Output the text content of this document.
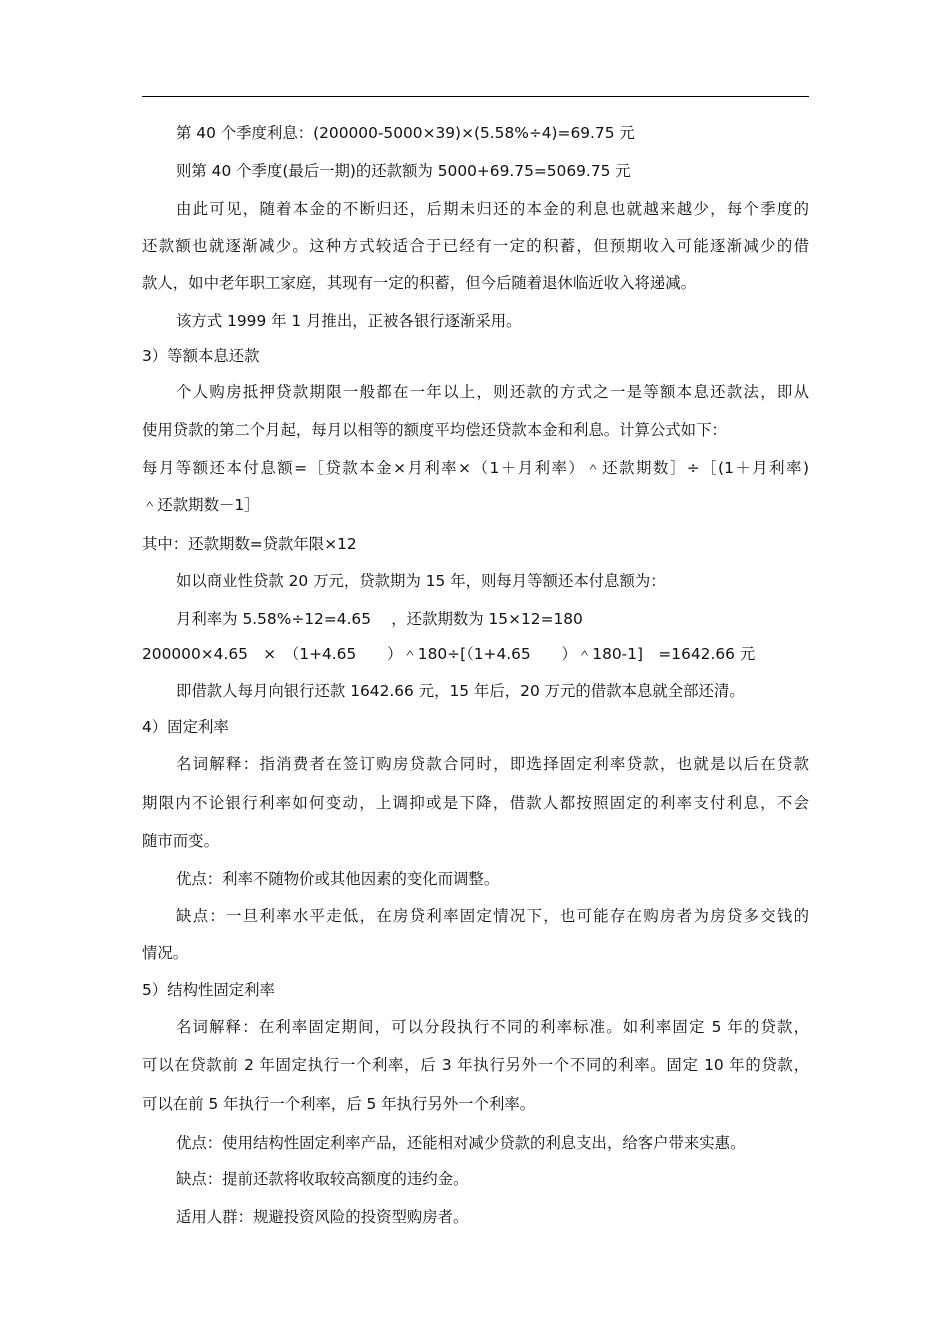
第 40 个季度利息：(200000-5000×39)×(5.58%÷4)=69.75 元
则第 40 个季度(最后一期)的还款额为 5000+69.75=5069.75 元
由此可见，随着本金的不断归还，后期未归还的本金的利息也就越来越少，每个季度的
还款额也就逐渐减少。这种方式较适合于已经有一定的积蓄，但预期收入可能逐渐减少的借
款人，如中老年职工家庭，其现有一定的积蓄，但今后随着退休临近收入将递减。
该方式 1999 年 1 月推出，正被各银行逐渐采用。
3）等额本息还款
个人购房抵押贷款期限一般都在一年以上，则还款的方式之一是等额本息还款法，即从
使用贷款的第二个月起，每月以相等的额度平均偿还贷款本金和利息。计算公式如下：
每月等额还本付息额=［贷款本金×月利率×（1＋月利率）＾还款期数］÷［(1＋月利率)
＾还款期数－1］
其中：还款期数=贷款年限×12
如以商业性贷款 20 万元，贷款期为 15 年，则每月等额还本付息额为：
月利率为 5.58%÷12=4.65　 ，还款期数为 15×12=180
200000×4.65　×　（1+4.65　　）＾180÷[（1+4.65　　）＾180-1]　=1642.66 元
即借款人每月向银行还款 1642.66 元，15 年后，20 万元的借款本息就全部还清。
4）固定利率
名词解释：指消费者在签订购房贷款合同时，即选择固定利率贷款，也就是以后在贷款
期限内不论银行利率如何变动，上调抑或是下降，借款人都按照固定的利率支付利息，不会
随市而变。
优点：利率不随物价或其他因素的变化而调整。
缺点：一旦利率水平走低，在房贷利率固定情况下，也可能存在购房者为房贷多交钱的
情况。
5）结构性固定利率
名词解释：在利率固定期间，可以分段执行不同的利率标准。如利率固定 5 年的贷款，
可以在贷款前 2 年固定执行一个利率，后 3 年执行另外一个不同的利率。固定 10 年的贷款，
可以在前 5 年执行一个利率，后 5 年执行另外一个利率。
优点：使用结构性固定利率产品，还能相对减少贷款的利息支出，给客户带来实惠。
缺点：提前还款将收取较高额度的违约金。
适用人群：规避投资风险的投资型购房者。
